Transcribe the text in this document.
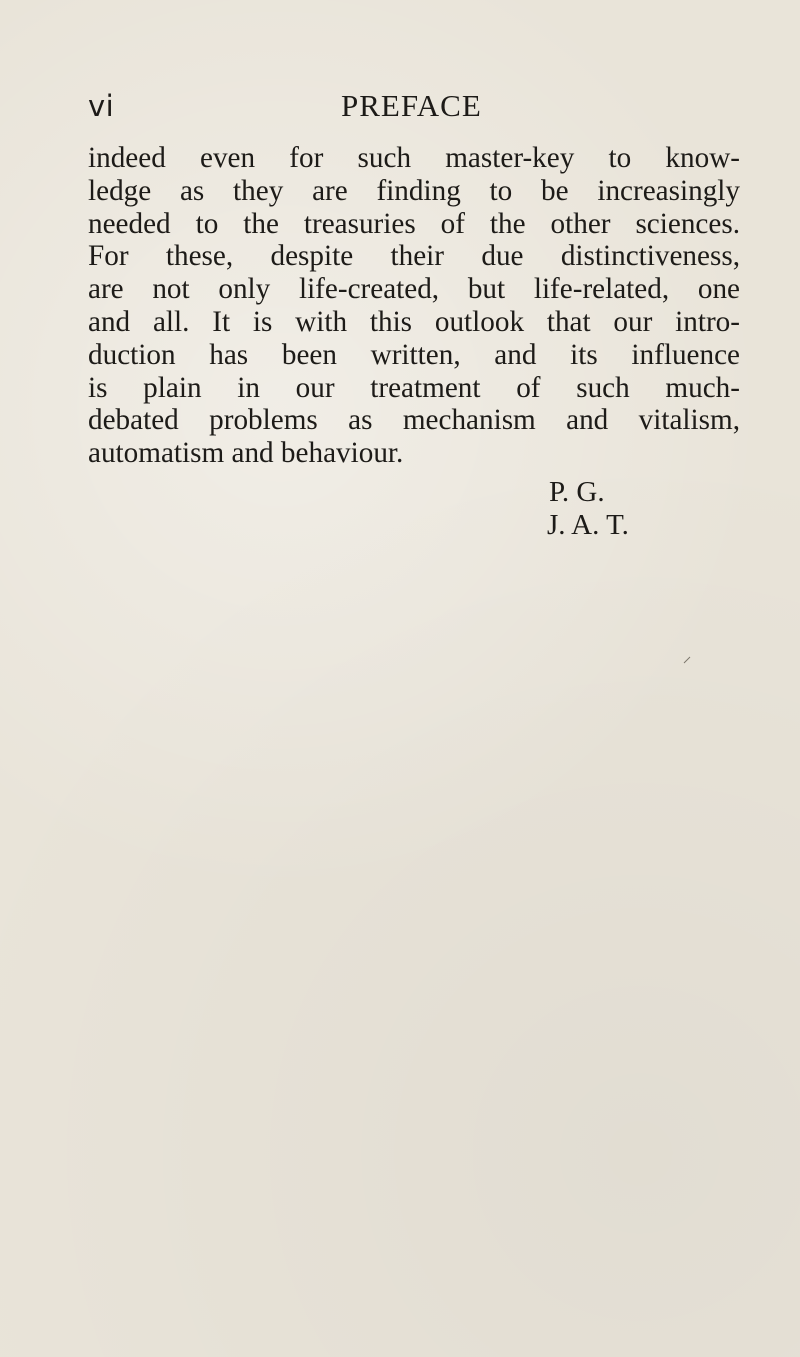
vi	PREFACE
indeed even for such master-key to know-
ledge as they are finding to be increasingly
needed to the treasuries of the other sciences.
For these, despite their due distinctiveness,
are not only life-created, but life-related, one
and all. It is with this outlook that our intro-
duction has been written, and its influence
is plain in our treatment of such much-
debated problems as mechanism and vitalism,
automatism and behaviour.
P. G.
J. A. T.
